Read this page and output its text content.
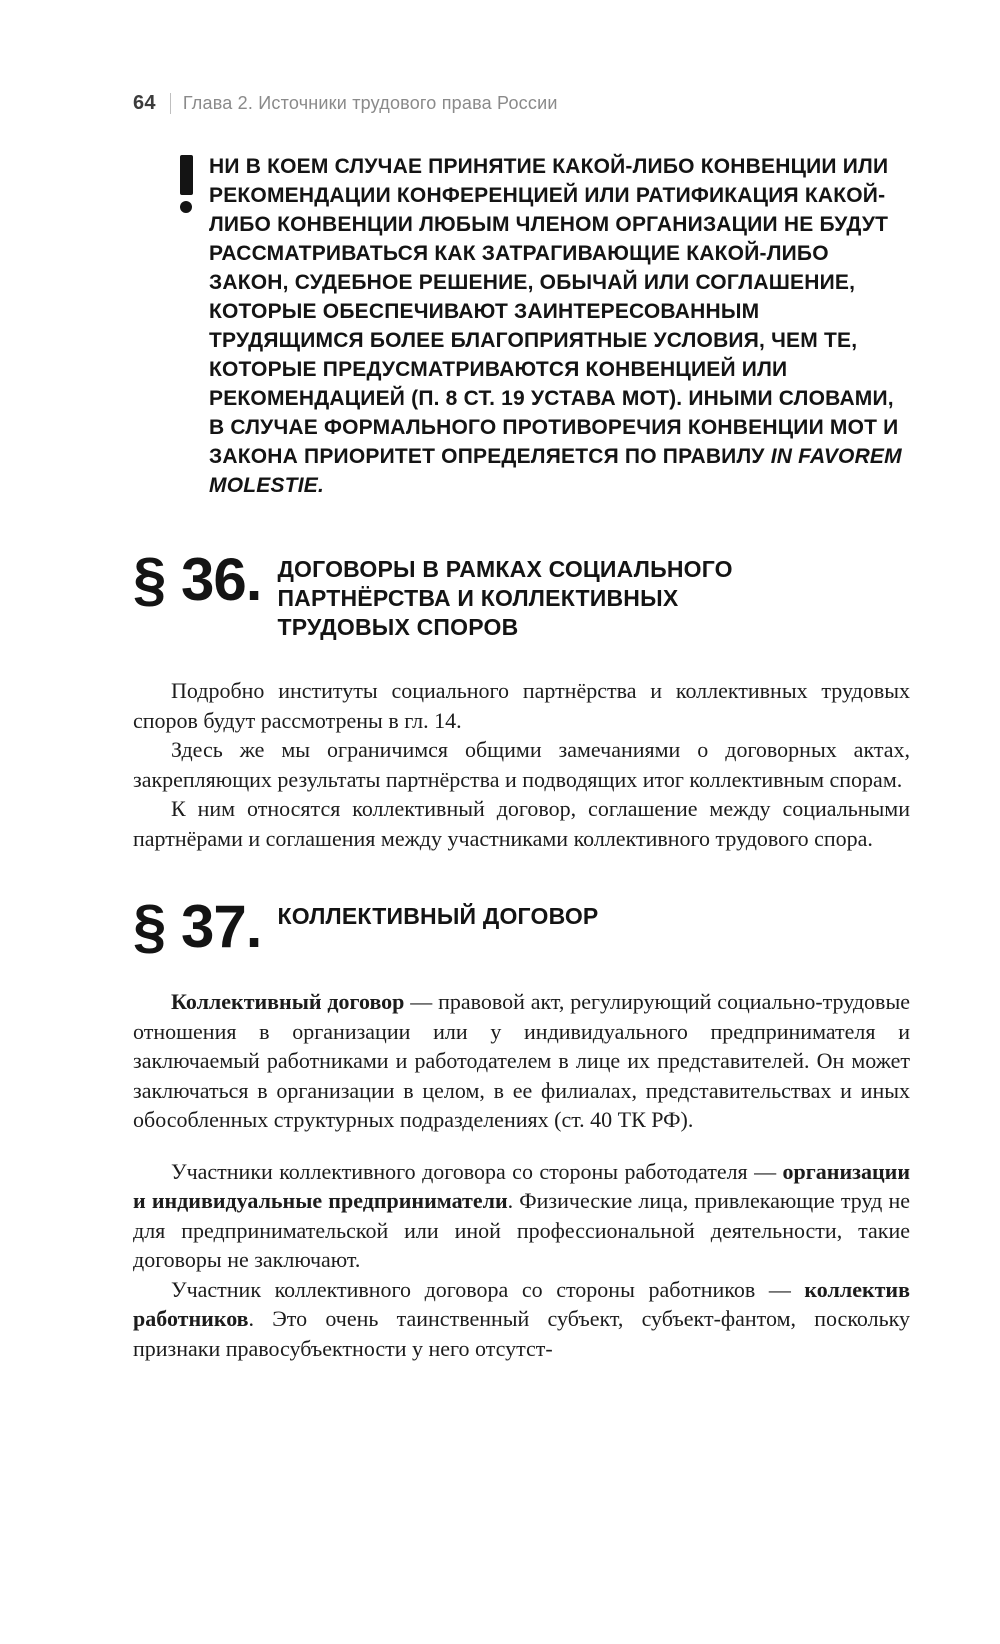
64 Глава 2. Источники трудового права России
НИ В КОЕМ СЛУЧАЕ ПРИНЯТИЕ КАКОЙ-ЛИБО КОНВЕНЦИИ ИЛИ РЕКОМЕНДАЦИИ КОНФЕРЕНЦИЕЙ ИЛИ РАТИФИКАЦИЯ КАКОЙ-ЛИБО КОНВЕНЦИИ ЛЮБЫМ ЧЛЕНОМ ОРГАНИЗАЦИИ НЕ БУДУТ РАССМАТРИВАТЬСЯ КАК ЗАТРАГИВАЮЩИЕ КАКОЙ-ЛИБО ЗАКОН, СУДЕБНОЕ РЕШЕНИЕ, ОБЫЧАЙ ИЛИ СОГЛАШЕНИЕ, КОТОРЫЕ ОБЕСПЕЧИВАЮТ ЗАИНТЕРЕСОВАННЫМ ТРУДЯЩИМСЯ БОЛЕЕ БЛАГОПРИЯТНЫЕ УСЛОВИЯ, ЧЕМ ТЕ, КОТОРЫЕ ПРЕДУСМАТРИВАЮТСЯ КОНВЕНЦИЕЙ ИЛИ РЕКОМЕНДАЦИЕЙ (П. 8 СТ. 19 УСТАВА МОТ). ИНЫМИ СЛОВАМИ, В СЛУЧАЕ ФОРМАЛЬНОГО ПРОТИВОРЕЧИЯ КОНВЕНЦИИ МОТ И ЗАКОНА ПРИОРИТЕТ ОПРЕДЕЛЯЕТСЯ ПО ПРАВИЛУ IN FAVOREM MOLESTIE.
§ 36. ДОГОВОРЫ В РАМКАХ СОЦИАЛЬНОГО ПАРТНЁРСТВА И КОЛЛЕКТИВНЫХ ТРУДОВЫХ СПОРОВ

Подробно институты социального партнёрства и коллективных трудовых споров будут рассмотрены в гл. 14.

Здесь же мы ограничимся общими замечаниями о договорных актах, закрепляющих результаты партнёрства и подводящих итог коллективным спорам.

К ним относятся коллективный договор, соглашение между социальными партнёрами и соглашения между участниками коллективного трудового спора.

§ 37. КОЛЛЕКТИВНЫЙ ДОГОВОР

Коллективный договор — правовой акт, регулирующий социально-трудовые отношения в организации или у индивидуального предпринимателя и заключаемый работниками и работодателем в лице их представителей. Он может заключаться в организации в целом, в ее филиалах, представительствах и иных обособленных структурных подразделениях (ст. 40 ТК РФ).

Участники коллективного договора со стороны работодателя — организации и индивидуальные предприниматели. Физические лица, привлекающие труд не для предпринимательской или иной профессиональной деятельности, такие договоры не заключают.

Участник коллективного договора со стороны работников — коллектив работников. Это очень таинственный субъект, субъект-фантом, поскольку признаки правосубъектности у него отсутст-
